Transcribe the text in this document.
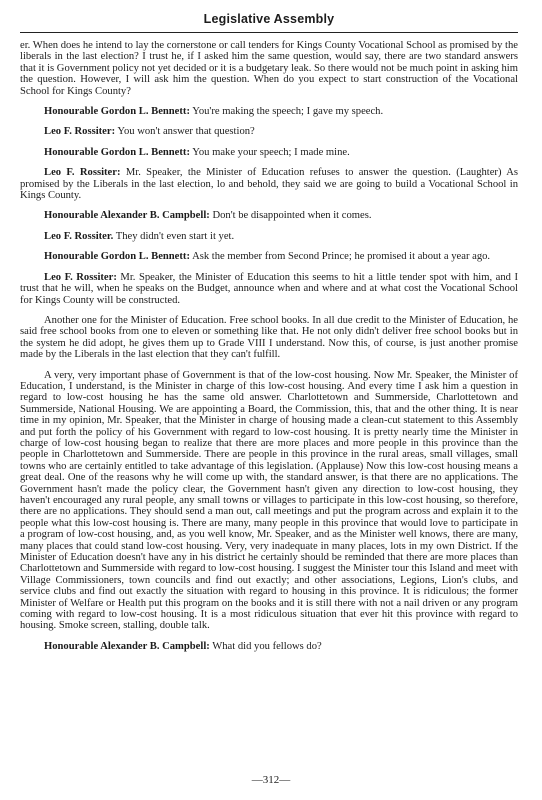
Legislative Assembly

er. When does he intend to lay the cornerstone or call tenders for Kings County Vocational School as promised by the liberals in the last election? I trust he, if I asked him the same question, would say, there are two standard answers that it is Government policy not yet decided or it is a budgetary leak. So there would not be much point in asking him the question. However, I will ask him the question. When do you expect to start construction of the Vocational School for Kings County?

Honourable Gordon L. Bennett: You're making the speech; I gave my speech.

Leo F. Rossiter: You won't answer that question?

Honourable Gordon L. Bennett: You make your speech; I made mine.

Leo F. Rossiter: Mr. Speaker, the Minister of Education refuses to answer the question. (Laughter) As promised by the Liberals in the last election, lo and behold, they said we are going to build a Vocational School in Kings County.

Honourable Alexander B. Campbell: Don't be disappointed when it comes.

Leo F. Rossiter. They didn't even start it yet.

Honourable Gordon L. Bennett: Ask the member from Second Prince; he promised it about a year ago.

Leo F. Rossiter: Mr. Speaker, the Minister of Education this seems to hit a little tender spot with him, and I trust that he will, when he speaks on the Budget, announce when and where and at what cost the Vocational School for Kings County will be constructed.

Another one for the Minister of Education. Free school books. In all due credit to the Minister of Education, he said free school books from one to eleven or something like that. He not only didn't deliver free school books but in the system he did adopt, he gives them up to Grade VIII I understand. Now this, of course, is just another promise made by the Liberals in the last election that they can't fulfill.

A very, very important phase of Government is that of the low-cost housing. Now Mr. Speaker, the Minister of Education, I understand, is the Minister in charge of this low-cost housing. And every time I ask him a question in regard to low-cost housing he has the same old answer. Charlottetown and Summerside, Charlottetown and Summerside, National Housing. We are appointing a Board, the Commission, this, that and the other thing. It is near time in my opinion, Mr. Speaker, that the Minister in charge of housing made a clean-cut statement to this Assembly and put forth the policy of his Government with regard to low-cost housing. It is pretty nearly time the Minister in charge of low-cost housing began to realize that there are more places and more people in this province than the people in Charlottetown and Summerside. There are people in this province in the rural areas, small villages, small towns who are certainly entitled to take advantage of this legislation. (Applause) Now this low-cost housing means a great deal. One of the reasons why he will come up with, the standard answer, is that there are no applications. The Government hasn't made the policy clear, the Government hasn't given any direction to low-cost housing, they haven't encouraged any rural people, any small towns or villages to participate in this low-cost housing, so therefore, there are no applications. They should send a man out, call meetings and put the program across and explain it to the people what this low-cost housing is. There are many, many people in this province that would love to participate in a program of low-cost housing, and, as you well know, Mr. Speaker, and as the Minister well knows, there are many, many places that could stand low-cost housing. Very, very inadequate in many places, lots in my own District. If the Minister of Education doesn't have any in his district he certainly should be reminded that there are more places than Charlottetown and Summerside with regard to low-cost housing. I suggest the Minister tour this Island and meet with Village Commissioners, town councils and find out exactly; and other associations, Legions, Lion's clubs, and service clubs and find out exactly the situation with regard to housing in this province. It is ridiculous; the former Minister of Welfare or Health put this program on the books and it is still there with not a nail driven or any program coming with regard to low-cost housing. It is a most ridiculous situation that ever hit this province with regard to housing. Smoke screen, stalling, double talk.

Honourable Alexander B. Campbell: What did you fellows do?

—312—
